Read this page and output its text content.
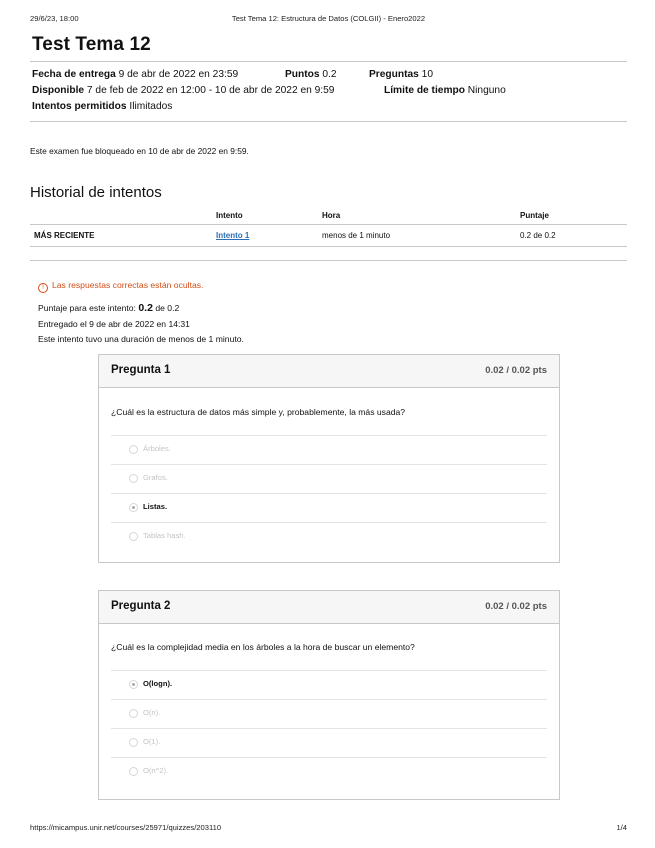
29/6/23, 18:00	Test Tema 12: Estructura de Datos (COLGII) - Enero2022
Test Tema 12
Fecha de entrega 9 de abr de 2022 en 23:59	Puntos 0.2	Preguntas 10
Disponible 7 de feb de 2022 en 12:00 - 10 de abr de 2022 en 9:59	Límite de tiempo Ninguno
Intentos permitidos Ilimitados
Este examen fue bloqueado en 10 de abr de 2022 en 9:59.
Historial de intentos
	Intento	Hora	Puntaje
MÁS RECIENTE	Intento 1	menos de 1 minuto	0.2 de 0.2
! Las respuestas correctas están ocultas.
Puntaje para este intento: 0.2 de 0.2
Entregado el 9 de abr de 2022 en 14:31
Este intento tuvo una duración de menos de 1 minuto.
Pregunta 1	0.02 / 0.02 pts
¿Cuál es la estructura de datos más simple y, probablemente, la más usada?
Árboles.
Grafos.
Listas.
Tablas hash.
Pregunta 2	0.02 / 0.02 pts
¿Cuál es la complejidad media en los árboles a la hora de buscar un elemento?
O(logn).
O(n).
O(1).
O(n^2).
https://micampus.unir.net/courses/25971/quizzes/203110	1/4
